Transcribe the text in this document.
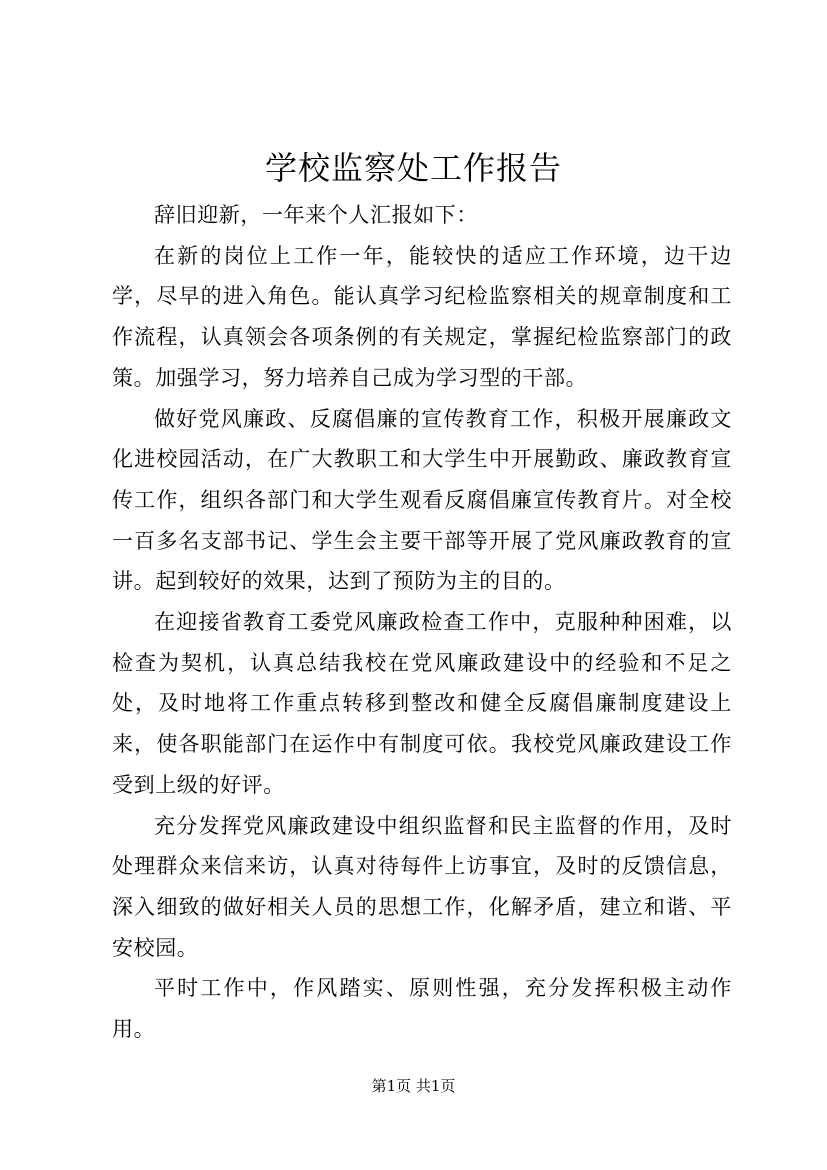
学校监察处工作报告

辞旧迎新，一年来个人汇报如下：

在新的岗位上工作一年，能较快的适应工作环境，边干边学，尽早的进入角色。能认真学习纪检监察相关的规章制度和工作流程，认真领会各项条例的有关规定，掌握纪检监察部门的政策。加强学习，努力培养自己成为学习型的干部。

做好党风廉政、反腐倡廉的宣传教育工作，积极开展廉政文化进校园活动，在广大教职工和大学生中开展勤政、廉政教育宣传工作，组织各部门和大学生观看反腐倡廉宣传教育片。对全校一百多名支部书记、学生会主要干部等开展了党风廉政教育的宣讲。起到较好的效果，达到了预防为主的目的。

在迎接省教育工委党风廉政检查工作中，克服种种困难，以检查为契机，认真总结我校在党风廉政建设中的经验和不足之处，及时地将工作重点转移到整改和健全反腐倡廉制度建设上来，使各职能部门在运作中有制度可依。我校党风廉政建设工作受到上级的好评。

充分发挥党风廉政建设中组织监督和民主监督的作用，及时处理群众来信来访，认真对待每件上访事宜，及时的反馈信息，深入细致的做好相关人员的思想工作，化解矛盾，建立和谐、平安校园。

平时工作中，作风踏实、原则性强，充分发挥积极主动作用。

第1页 共1页
